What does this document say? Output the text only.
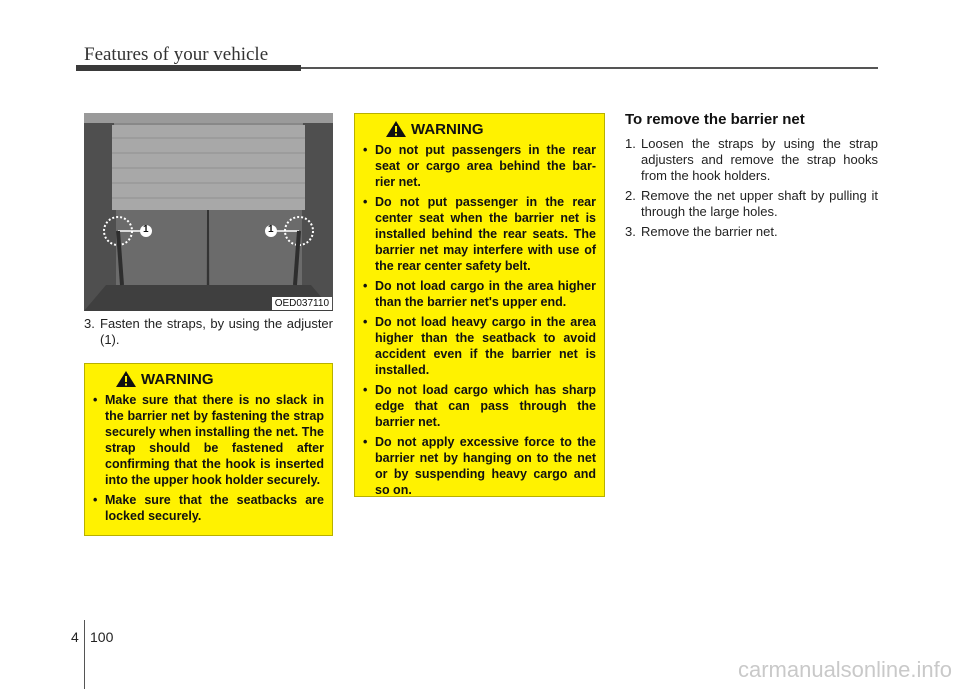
Features of your vehicle
1	1
OED037110
3. Fasten the straps, by using the adjuster (1).
WARNING
• Make sure that there is no slack in the barrier net by fastening the strap securely when installing the net. The strap should be fastened after confirming that the hook is inserted into the upper hook holder securely.
• Make sure that the seatbacks are locked securely.
WARNING
• Do not put passengers in the rear seat or cargo area behind the bar-rier net.
• Do not put passenger in the rear center seat when the barrier net is installed behind the rear seats. The barrier net may interfere with use of the rear center safety belt.
• Do not load cargo in the area higher than the barrier net's upper end.
• Do not load heavy cargo in the area higher than the seatback to avoid accident even if the barrier net is installed.
• Do not load cargo which has sharp edge that can pass through the barrier net.
• Do not apply excessive force to the barrier net by hanging on to the net or by suspending heavy cargo and so on.
To remove the barrier net
1. Loosen the straps by using the strap adjusters and remove the strap hooks from the hook holders.
2. Remove the net upper shaft by pulling it through the large holes.
3. Remove the barrier net.
4 100
carmanualsonline.info
